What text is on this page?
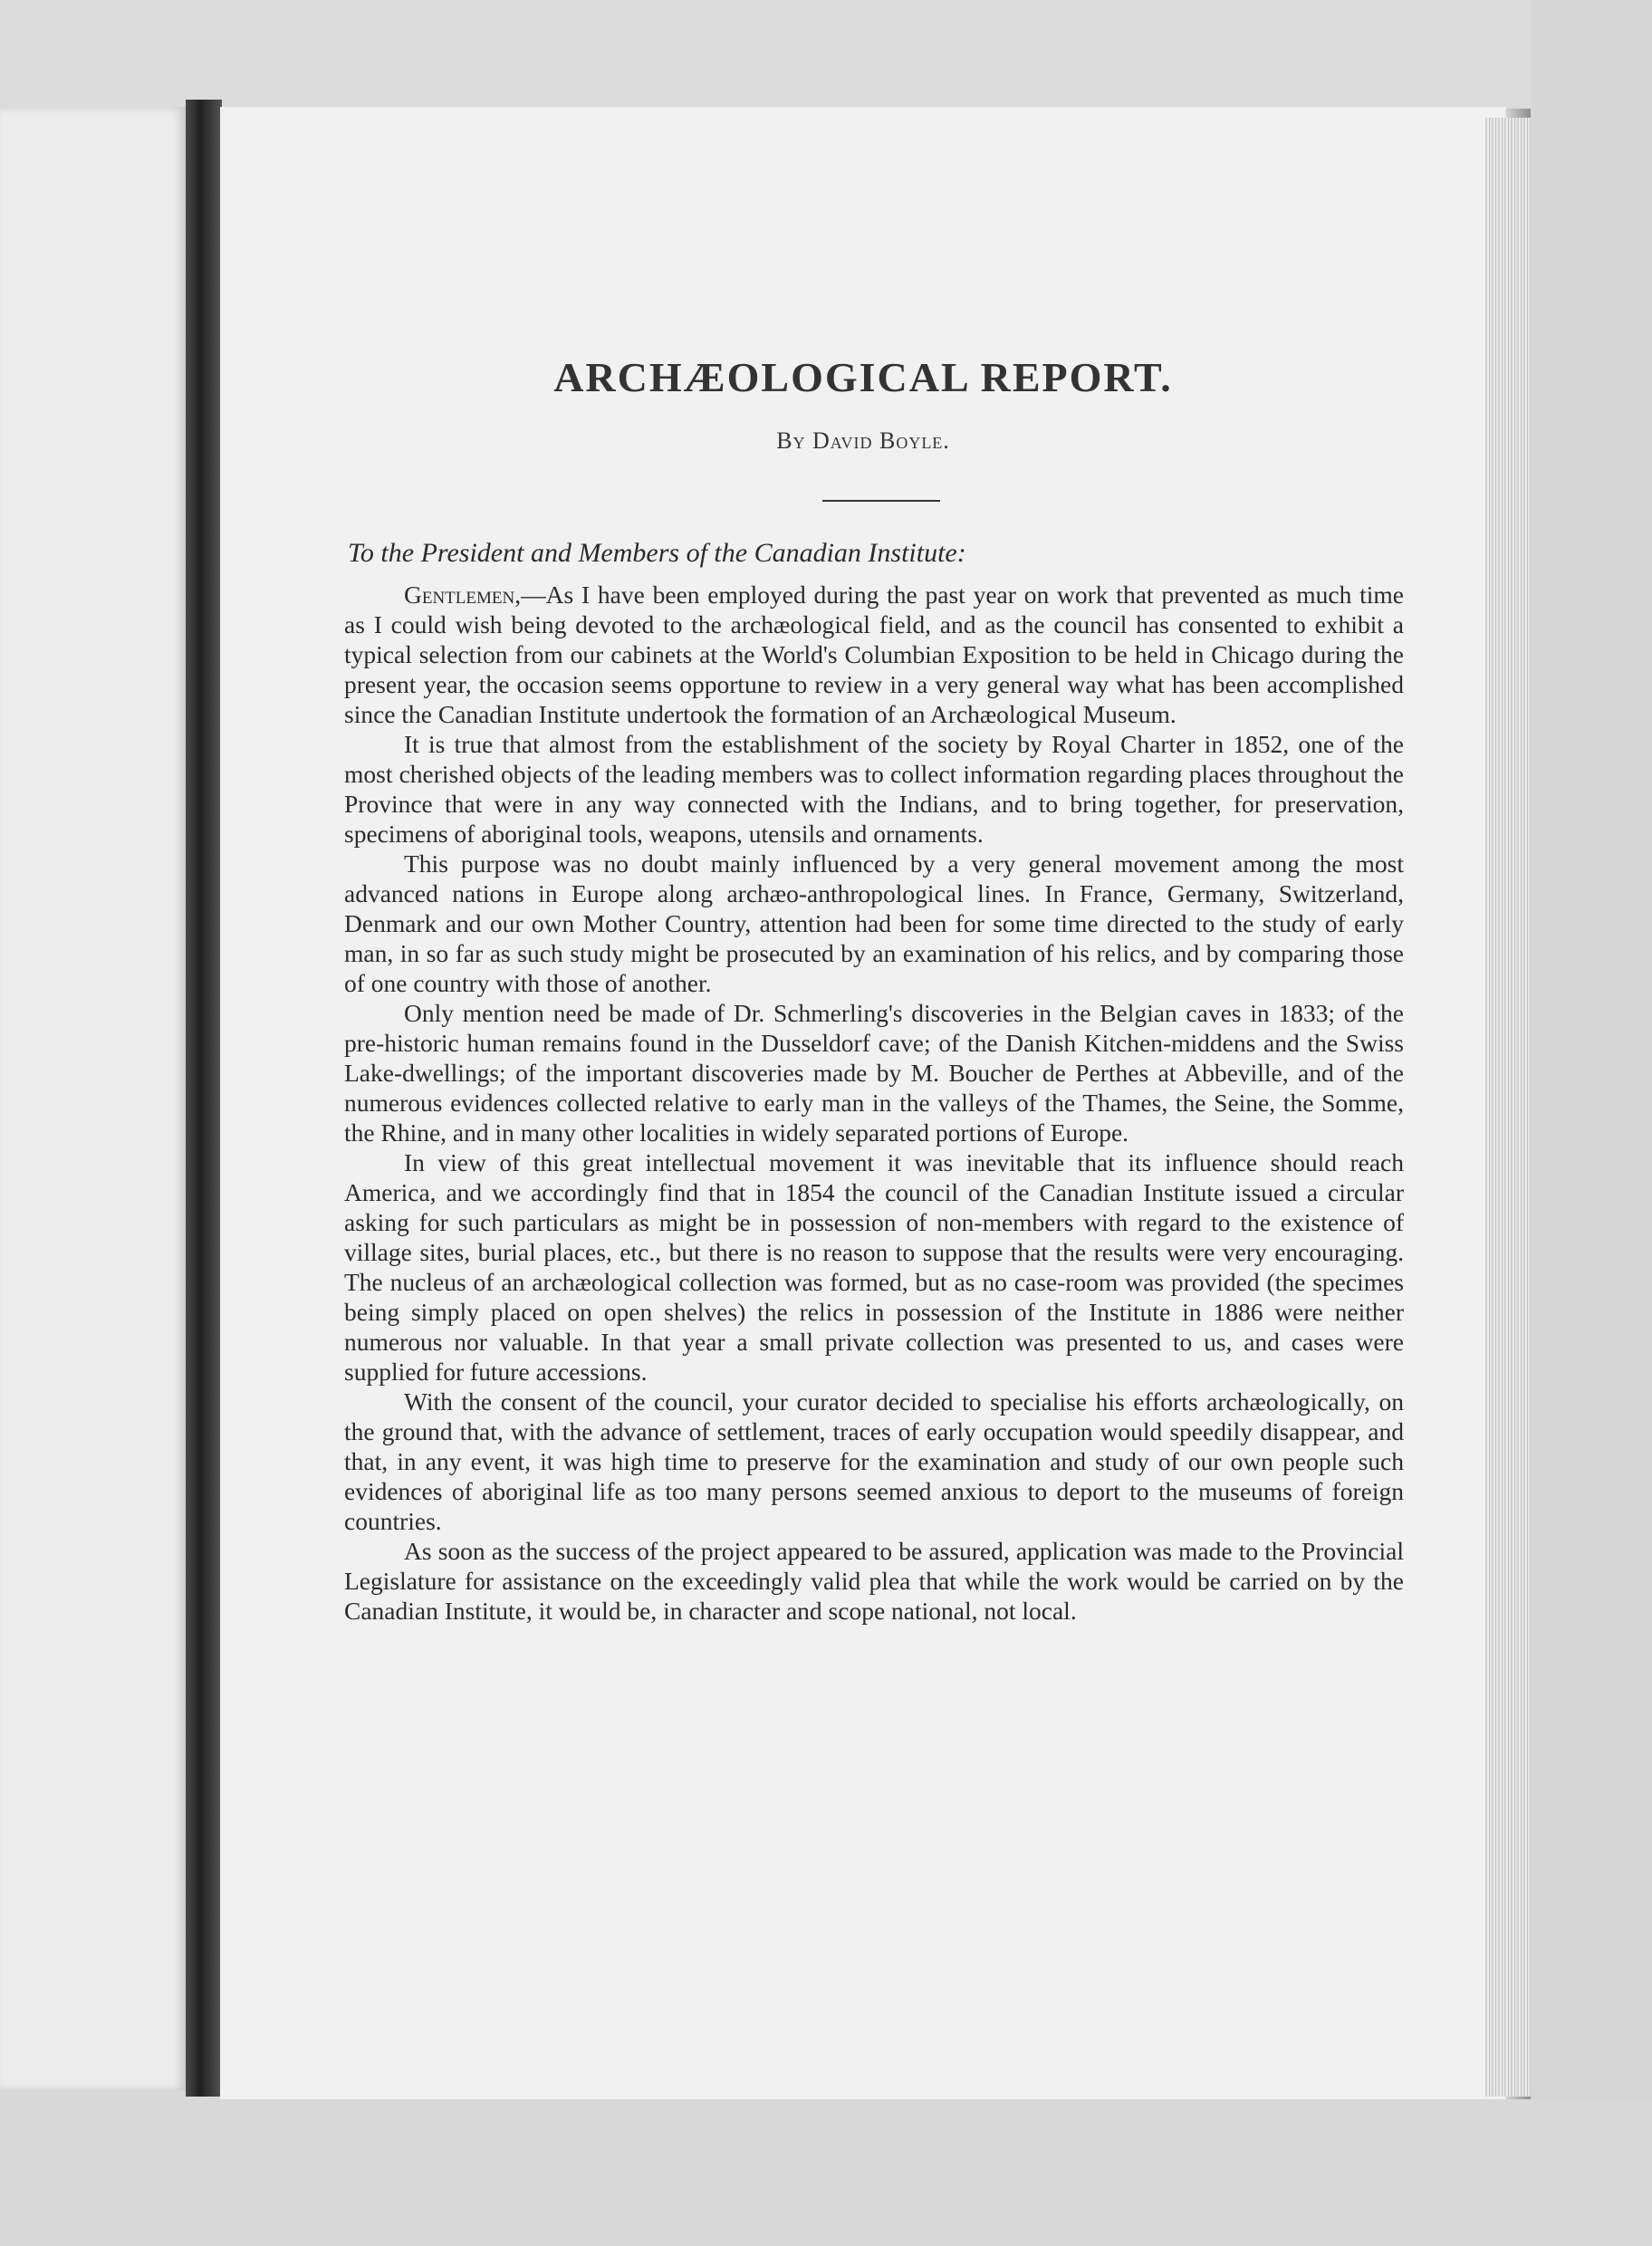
ARCHÆOLOGICAL REPORT.
By David Boyle.
To the President and Members of the Canadian Institute:

Gentlemen,—As I have been employed during the past year on work that prevented as much time as I could wish being devoted to the archæological field, and as the council has consented to exhibit a typical selection from our cabinets at the World's Columbian Exposition to be held in Chicago during the present year, the occasion seems opportune to review in a very general way what has been accomplished since the Canadian Institute undertook the formation of an Archæological Museum.

It is true that almost from the establishment of the society by Royal Charter in 1852, one of the most cherished objects of the leading members was to collect information regarding places throughout the Province that were in any way connected with the Indians, and to bring together, for preservation, specimens of aboriginal tools, weapons, utensils and ornaments.

This purpose was no doubt mainly influenced by a very general movement among the most advanced nations in Europe along archæo-anthropological lines. In France, Germany, Switzerland, Denmark and our own Mother Country, attention had been for some time directed to the study of early man, in so far as such study might be prosecuted by an examination of his relics, and by comparing those of one country with those of another.

Only mention need be made of Dr. Schmerling's discoveries in the Belgian caves in 1833; of the pre-historic human remains found in the Dusseldorf cave; of the Danish Kitchen-middens and the Swiss Lake-dwellings; of the important discoveries made by M. Boucher de Perthes at Abbeville, and of the numerous evidences collected relative to early man in the valleys of the Thames, the Seine, the Somme, the Rhine, and in many other localities in widely separated portions of Europe.

In view of this great intellectual movement it was inevitable that its influence should reach America, and we accordingly find that in 1854 the council of the Canadian Institute issued a circular asking for such particulars as might be in possession of non-members with regard to the existence of village sites, burial places, etc., but there is no reason to suppose that the results were very encouraging. The nucleus of an archæological collection was formed, but as no case-room was provided (the specimes being simply placed on open shelves) the relics in possession of the Institute in 1886 were neither numerous nor valuable. In that year a small private collection was presented to us, and cases were supplied for future accessions.

With the consent of the council, your curator decided to specialise his efforts archæologically, on the ground that, with the advance of settlement, traces of early occupation would speedily disappear, and that, in any event, it was high time to preserve for the examination and study of our own people such evidences of aboriginal life as too many persons seemed anxious to deport to the museums of foreign countries.

As soon as the success of the project appeared to be assured, application was made to the Provincial Legislature for assistance on the exceedingly valid plea that while the work would be carried on by the Canadian Institute, it would be, in character and scope national, not local.
